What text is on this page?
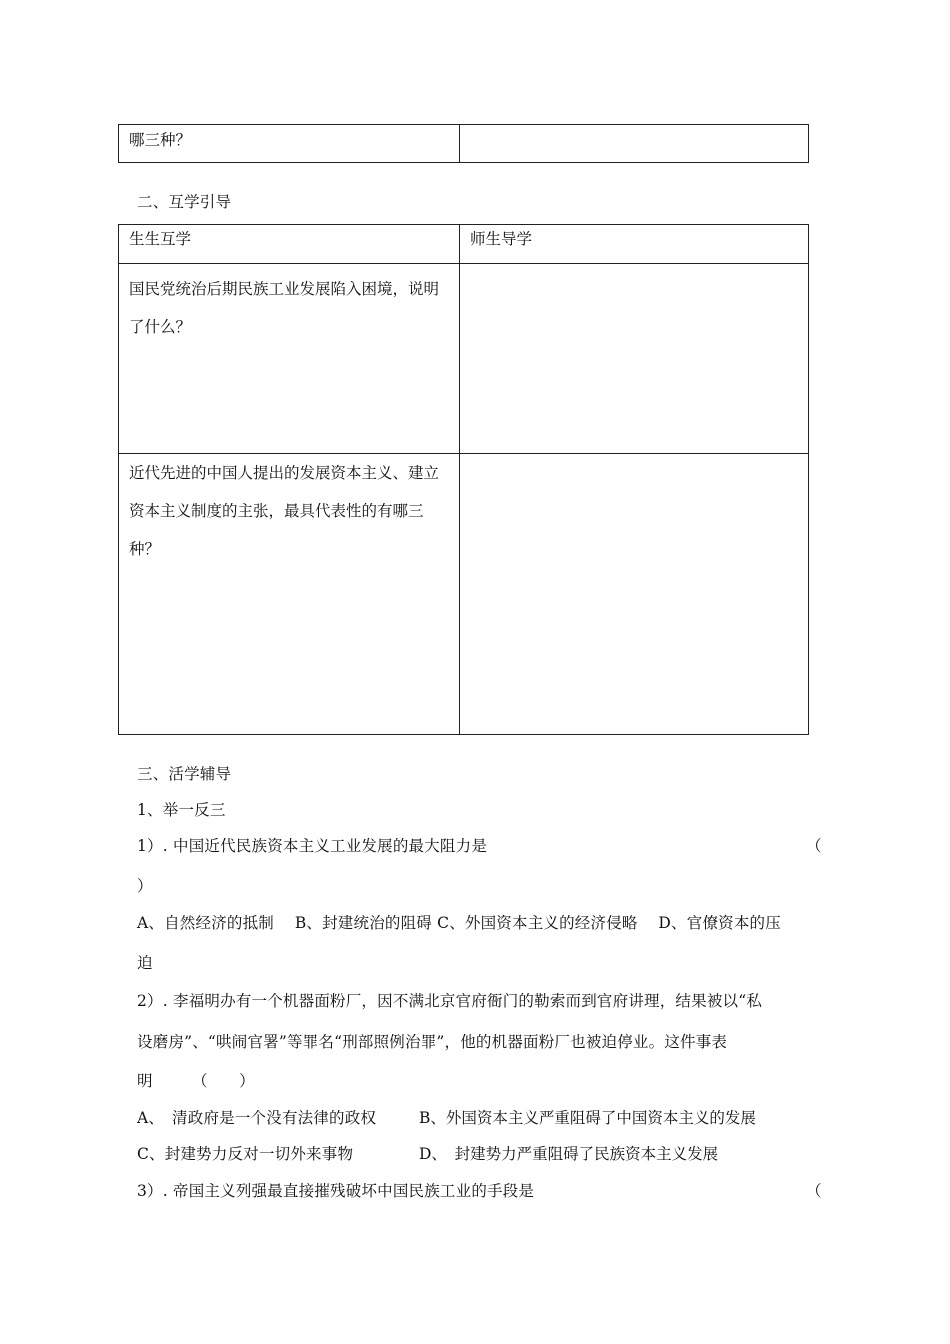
哪三种？

二、互学引导
生生互学	师生导学

国民党统治后期民族工业发展陷入困境，说明了什么？	

近代先进的中国人提出的发展资本主义、建立资本主义制度的主张，最具代表性的有哪三种？	

三、活学辅导
1、举一反三
1）. 中国近代民族资本主义工业发展的最大阻力是	（
）
A、自然经济的抵制　 B、封建统治的阻碍 C、外国资本主义的经济侵略　 D、官僚资本的压
迫
2）. 李福明办有一个机器面粉厂，因不满北京官府衙门的勒索而到官府讲理，结果被以“私
设磨房”、“哄闹官署”等罪名“刑部照例治罪”，他的机器面粉厂也被迫停业。这件事表
明　　　（　　）
A、　清政府是一个没有法律的政权	B、外国资本主义严重阻碍了中国资本主义的发展
C、封建势力反对一切外来事物	D、　封建势力严重阻碍了民族资本主义发展
3）. 帝国主义列强最直接摧残破坏中国民族工业的手段是	（
